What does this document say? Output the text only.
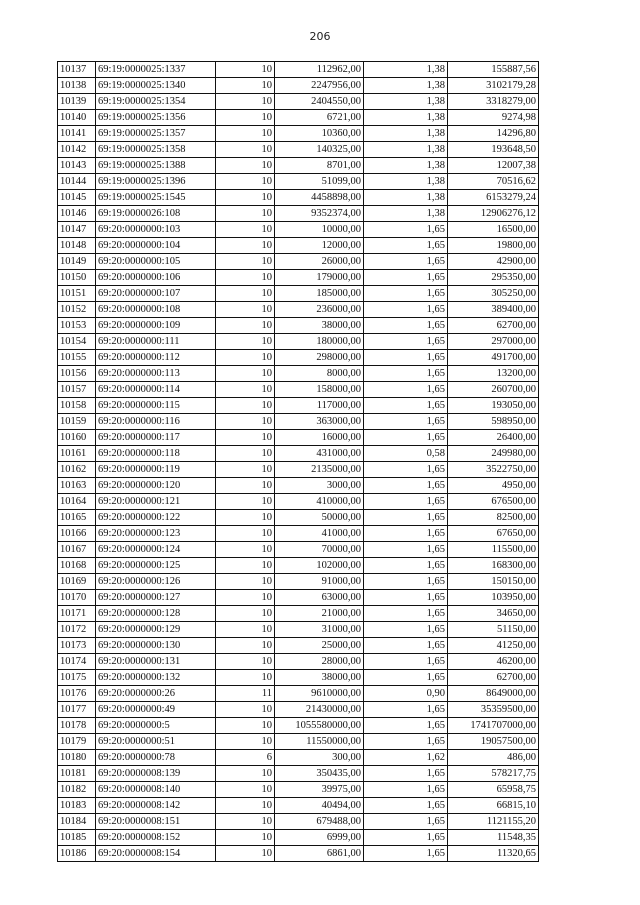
206
10137	69:19:0000025:1337	10	112962,00	1,38	155887,56
10138	69:19:0000025:1340	10	2247956,00	1,38	3102179,28
10139	69:19:0000025:1354	10	2404550,00	1,38	3318279,00
10140	69:19:0000025:1356	10	6721,00	1,38	9274,98
10141	69:19:0000025:1357	10	10360,00	1,38	14296,80
10142	69:19:0000025:1358	10	140325,00	1,38	193648,50
10143	69:19:0000025:1388	10	8701,00	1,38	12007,38
10144	69:19:0000025:1396	10	51099,00	1,38	70516,62
10145	69:19:0000025:1545	10	4458898,00	1,38	6153279,24
10146	69:19:0000026:108	10	9352374,00	1,38	12906276,12
10147	69:20:0000000:103	10	10000,00	1,65	16500,00
10148	69:20:0000000:104	10	12000,00	1,65	19800,00
10149	69:20:0000000:105	10	26000,00	1,65	42900,00
10150	69:20:0000000:106	10	179000,00	1,65	295350,00
10151	69:20:0000000:107	10	185000,00	1,65	305250,00
10152	69:20:0000000:108	10	236000,00	1,65	389400,00
10153	69:20:0000000:109	10	38000,00	1,65	62700,00
10154	69:20:0000000:111	10	180000,00	1,65	297000,00
10155	69:20:0000000:112	10	298000,00	1,65	491700,00
10156	69:20:0000000:113	10	8000,00	1,65	13200,00
10157	69:20:0000000:114	10	158000,00	1,65	260700,00
10158	69:20:0000000:115	10	117000,00	1,65	193050,00
10159	69:20:0000000:116	10	363000,00	1,65	598950,00
10160	69:20:0000000:117	10	16000,00	1,65	26400,00
10161	69:20:0000000:118	10	431000,00	0,58	249980,00
10162	69:20:0000000:119	10	2135000,00	1,65	3522750,00
10163	69:20:0000000:120	10	3000,00	1,65	4950,00
10164	69:20:0000000:121	10	410000,00	1,65	676500,00
10165	69:20:0000000:122	10	50000,00	1,65	82500,00
10166	69:20:0000000:123	10	41000,00	1,65	67650,00
10167	69:20:0000000:124	10	70000,00	1,65	115500,00
10168	69:20:0000000:125	10	102000,00	1,65	168300,00
10169	69:20:0000000:126	10	91000,00	1,65	150150,00
10170	69:20:0000000:127	10	63000,00	1,65	103950,00
10171	69:20:0000000:128	10	21000,00	1,65	34650,00
10172	69:20:0000000:129	10	31000,00	1,65	51150,00
10173	69:20:0000000:130	10	25000,00	1,65	41250,00
10174	69:20:0000000:131	10	28000,00	1,65	46200,00
10175	69:20:0000000:132	10	38000,00	1,65	62700,00
10176	69:20:0000000:26	11	9610000,00	0,90	8649000,00
10177	69:20:0000000:49	10	21430000,00	1,65	35359500,00
10178	69:20:0000000:5	10	1055580000,00	1,65	1741707000,00
10179	69:20:0000000:51	10	11550000,00	1,65	19057500,00
10180	69:20:0000000:78	6	300,00	1,62	486,00
10181	69:20:0000008:139	10	350435,00	1,65	578217,75
10182	69:20:0000008:140	10	39975,00	1,65	65958,75
10183	69:20:0000008:142	10	40494,00	1,65	66815,10
10184	69:20:0000008:151	10	679488,00	1,65	1121155,20
10185	69:20:0000008:152	10	6999,00	1,65	11548,35
10186	69:20:0000008:154	10	6861,00	1,65	11320,65
